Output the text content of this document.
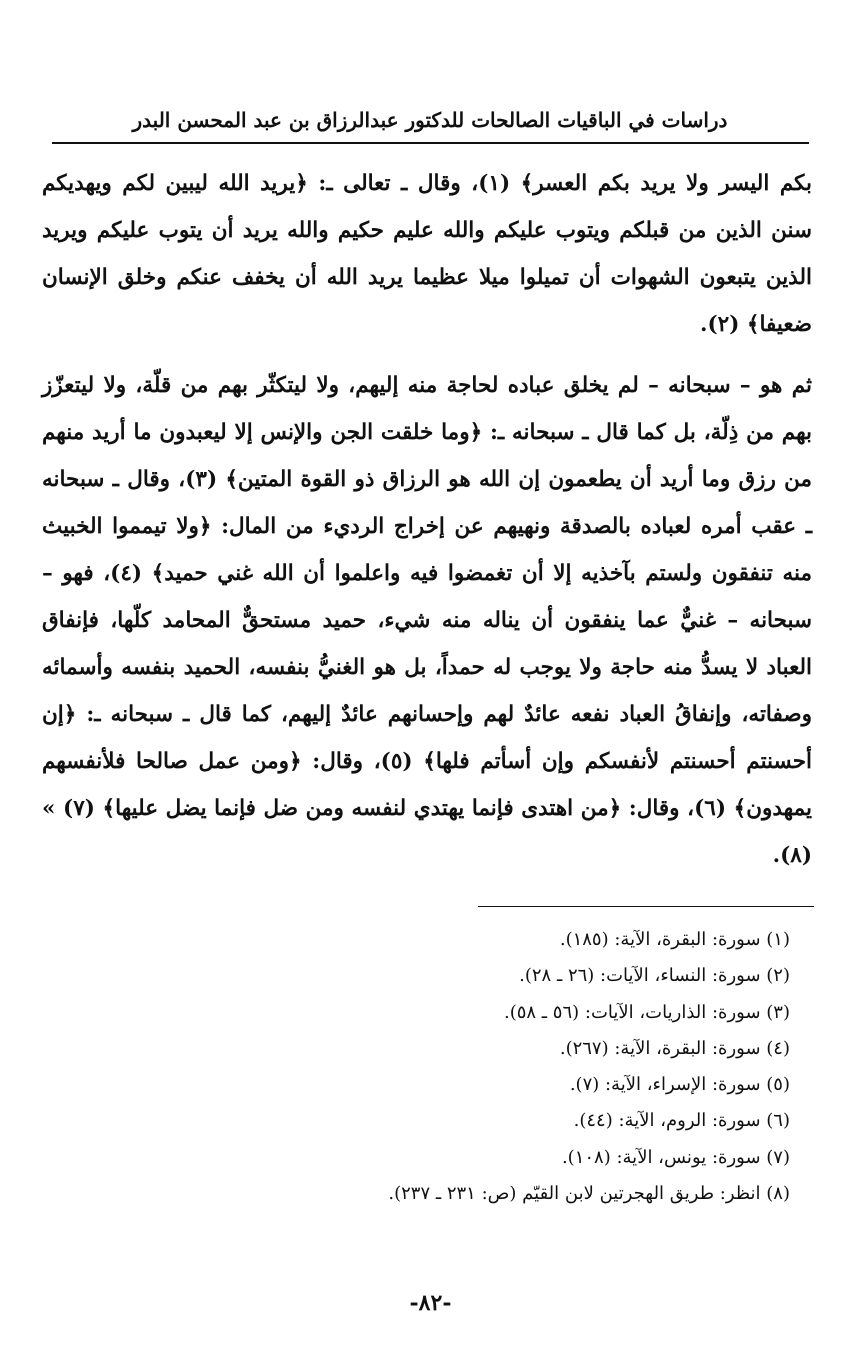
دراسات في الباقيات الصالحات للدكتور عبدالرزاق بن عبد المحسن البدر

بكم اليسر ولا يريد بكم العسر﴾ (١)، وقال ـ تعالى ـ: ﴿يريد الله ليبين لكم ويهديكم سنن الذين من قبلكم ويتوب عليكم والله عليم حكيم والله يريد أن يتوب عليكم ويريد الذين يتبعون الشهوات أن تميلوا ميلا عظيما يريد الله أن يخفف عنكم وخلق الإنسان ضعيفا﴾ (٢).

ثم هو – سبحانه – لم يخلق عباده لحاجة منه إليهم، ولا ليتكثّر بهم من قلّة، ولا ليتعزّز بهم من ذِلّة، بل كما قال ـ سبحانه ـ: ﴿وما خلقت الجن والإنس إلا ليعبدون ما أريد منهم من رزق وما أريد أن يطعمون إن الله هو الرزاق ذو القوة المتين﴾ (٣)، وقال ـ سبحانه ـ عقب أمره لعباده بالصدقة ونهيهم عن إخراج الرديء من المال: ﴿ولا تيمموا الخبيث منه تنفقون ولستم بآخذيه إلا أن تغمضوا فيه واعلموا أن الله غني حميد﴾ (٤)، فهو – سبحانه – غنيٌّ عما ينفقون أن يناله منه شيء، حميد مستحقٌّ المحامد كلّها، فإنفاق العباد لا يسدُّ منه حاجة ولا يوجب له حمداً، بل هو الغنيُّ بنفسه، الحميد بنفسه وأسمائه وصفاته، وإنفاقُ العباد نفعه عائدٌ لهم وإحسانهم عائدٌ إليهم، كما قال ـ سبحانه ـ: ﴿إن أحسنتم أحسنتم لأنفسكم وإن أسأتم فلها﴾ (٥)، وقال: ﴿ومن عمل صالحا فلأنفسهم يمهدون﴾ (٦)، وقال: ﴿من اهتدى فإنما يهتدي لنفسه ومن ضل فإنما يضل عليها﴾ (٧) » (٨).

(١) سورة: البقرة، الآية: (١٨٥).
(٢) سورة: النساء، الآيات: (٢٦ ـ ٢٨).
(٣) سورة: الذاريات، الآيات: (٥٦ ـ ٥٨).
(٤) سورة: البقرة، الآية: (٢٦٧).
(٥) سورة: الإسراء، الآية: (٧).
(٦) سورة: الروم، الآية: (٤٤).
(٧) سورة: يونس، الآية: (١٠٨).
(٨) انظر: طريق الهجرتين لابن القيّم (ص: ٢٣١ ـ ٢٣٧).
-٨٢-
